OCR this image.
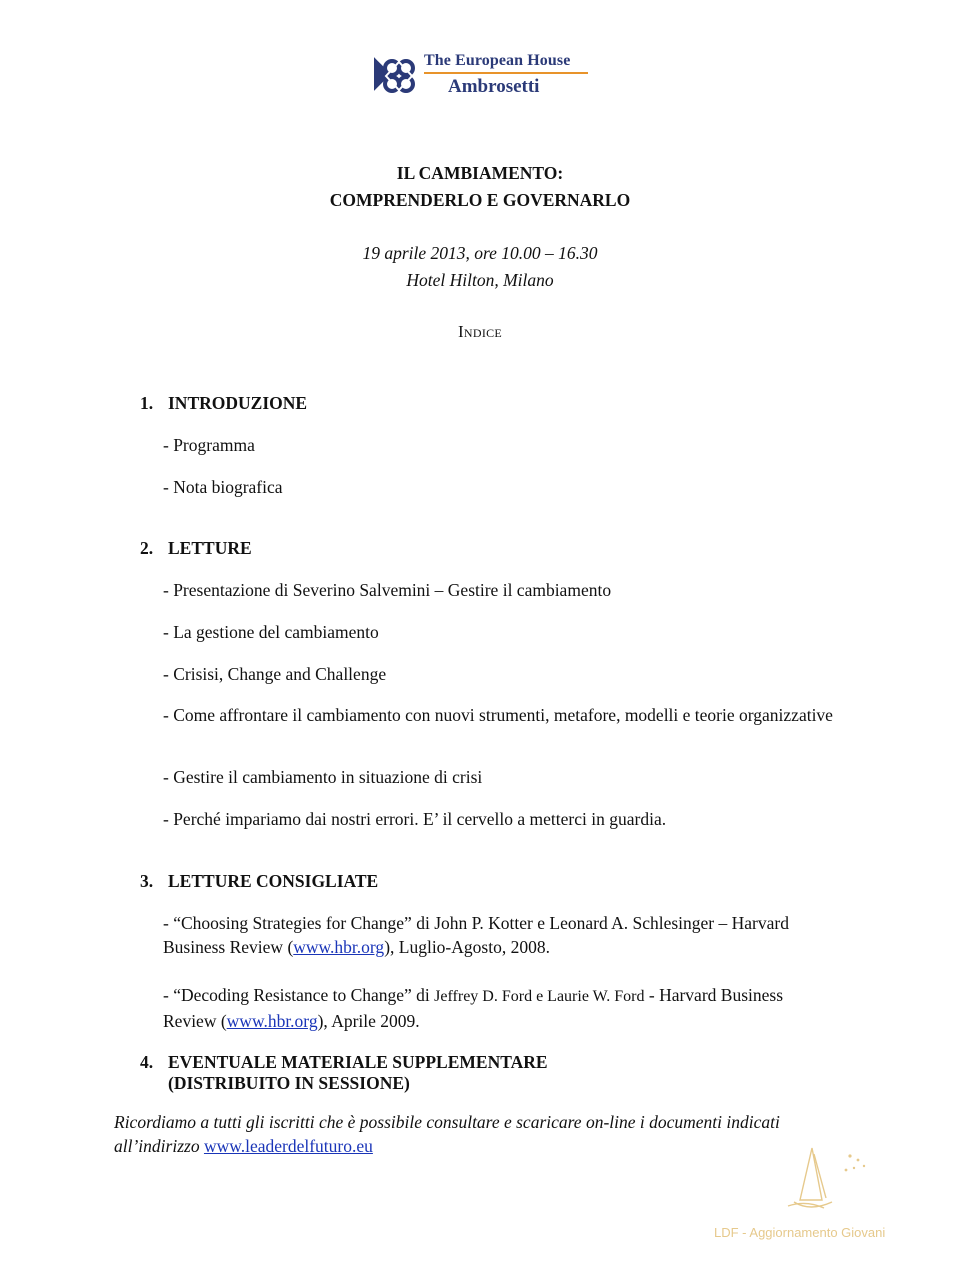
The European House
Ambrosetti
IL CAMBIAMENTO:
COMPRENDERLO E GOVERNARLO
19 aprile 2013, ore 10.00 – 16.30
Hotel Hilton, Milano
Indice
1. INTRODUZIONE
- Programma
- Nota biografica
2. LETTURE
- Presentazione di Severino Salvemini – Gestire il cambiamento
- La gestione del cambiamento
- Crisisi, Change and Challenge
- Come affrontare il cambiamento con nuovi strumenti, metafore, modelli e teorie organizzative
- Gestire il cambiamento in situazione di crisi
- Perché impariamo dai nostri errori. E’ il cervello a metterci in guardia.
3. LETTURE CONSIGLIATE
- “Choosing Strategies for Change” di John P. Kotter e Leonard A. Schlesinger – Harvard Business Review (www.hbr.org), Luglio-Agosto, 2008.
- “Decoding Resistance to Change” di Jeffrey D. Ford e Laurie W. Ford - Harvard Business Review (www.hbr.org), Aprile 2009.
4. EVENTUALE MATERIALE SUPPLEMENTARE
(DISTRIBUITO IN SESSIONE)
Ricordiamo a tutti gli iscritti che è possibile consultare e scaricare on-line i documenti indicati all’indirizzo www.leaderdelfuturo.eu
LDF - Aggiornamento Giovani
